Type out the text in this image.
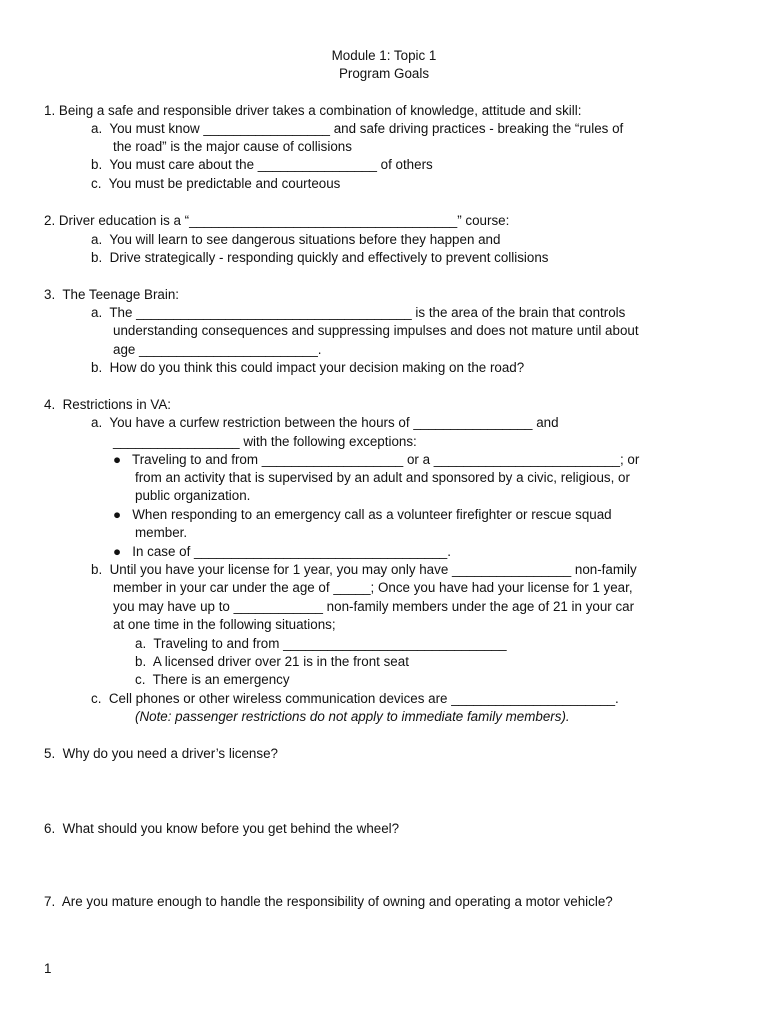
Module 1: Topic 1
Program Goals
1. Being a safe and responsible driver takes a combination of knowledge, attitude and skill:
a.  You must know _________________ and safe driving practices - breaking the “rules of
the road” is the major cause of collisions
b.  You must care about the ________________ of others
c.  You must be predictable and courteous
2. Driver education is a “____________________________________” course:
a.  You will learn to see dangerous situations before they happen and
b.  Drive strategically - responding quickly and effectively to prevent collisions
3.  The Teenage Brain:
a.  The _____________________________________ is the area of the brain that controls
understanding consequences and suppressing impulses and does not mature until about
age ________________________.
b.  How do you think this could impact your decision making on the road?
4.  Restrictions in VA:
a.  You have a curfew restriction between the hours of ________________ and
_________________ with the following exceptions:
●   Traveling to and from ___________________ or a _________________________; or
from an activity that is supervised by an adult and sponsored by a civic, religious, or
public organization.
●   When responding to an emergency call as a volunteer firefighter or rescue squad
member.
●   In case of __________________________________.
b.  Until you have your license for 1 year, you may only have ________________ non-family
member in your car under the age of _____; Once you have had your license for 1 year,
you may have up to ____________ non-family members under the age of 21 in your car
at one time in the following situations;
a.  Traveling to and from ______________________________
b.  A licensed driver over 21 is in the front seat
c.  There is an emergency
c.  Cell phones or other wireless communication devices are ______________________.
(Note: passenger restrictions do not apply to immediate family members).
5.  Why do you need a driver’s license?
6.  What should you know before you get behind the wheel?
7.  Are you mature enough to handle the responsibility of owning and operating a motor vehicle?
1
